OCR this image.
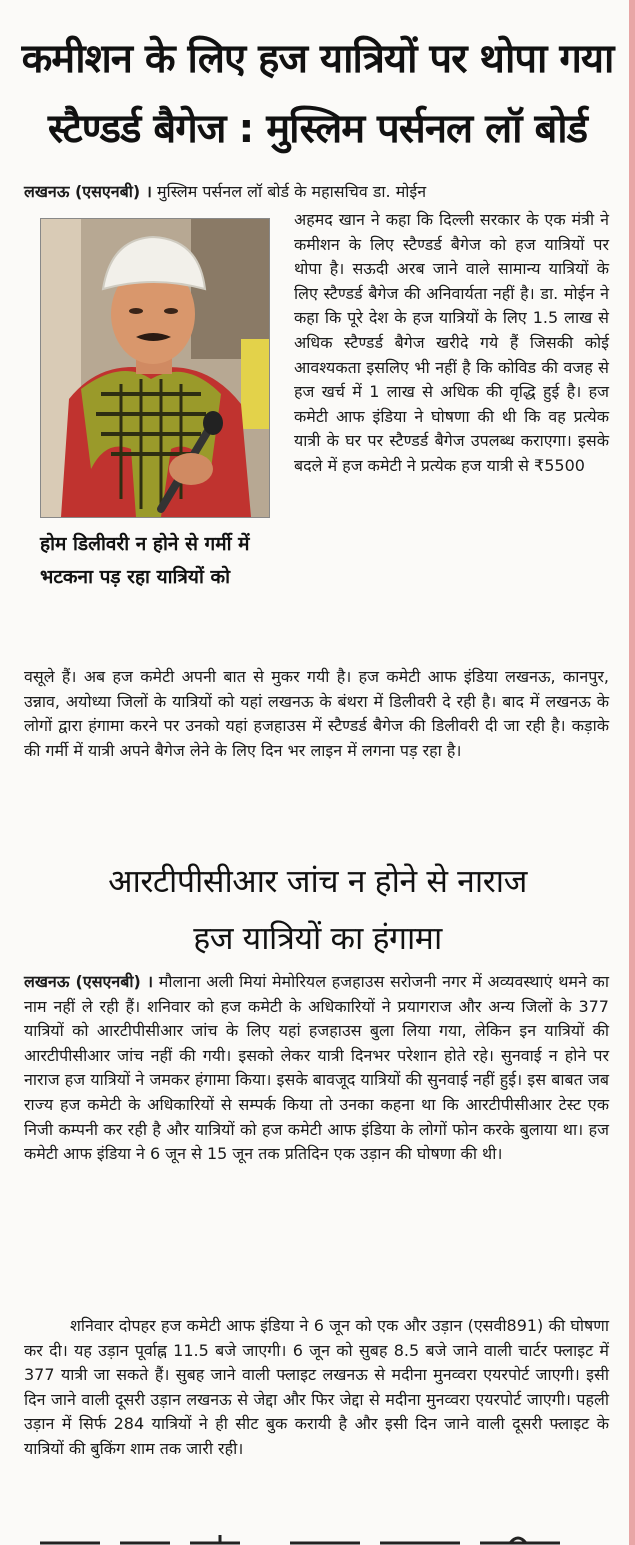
कमीशन के लिए हज यात्रियों पर थोपा गया
स्टैण्डर्ड बैगेज : मुस्लिम पर्सनल लॉ बोर्ड
लखनऊ (एसएनबी) । मुस्लिम पर्सनल लॉ बोर्ड के महासचिव डा. मोईन
होम डिलीवरी न होने से गर्मी में भटकना पड़ रहा यात्रियों को
अहमद खान ने कहा कि दिल्ली सरकार के एक मंत्री ने कमीशन के लिए स्टैण्डर्ड बैगेज को हज यात्रियों पर थोपा है। सऊदी अरब जाने वाले सामान्य यात्रियों के लिए स्टैण्डर्ड बैगेज की अनिवार्यता नहीं है। डा. मोईन ने कहा कि पूरे देश के हज यात्रियों के लिए 1.5 लाख से अधिक स्टैण्डर्ड बैगेज खरीदे गये हैं जिसकी कोई आवश्यकता इसलिए भी नहीं है कि कोविड की वजह से हज खर्च में 1 लाख से अधिक की वृद्धि हुई है। हज कमेटी आफ इंडिया ने घोषणा की थी कि वह प्रत्येक यात्री के घर पर स्टैण्डर्ड बैगेज उपलब्ध कराएगा। इसके बदले में हज कमेटी ने प्रत्येक हज यात्री से ₹5500
वसूले हैं। अब हज कमेटी अपनी बात से मुकर गयी है। हज कमेटी आफ इंडिया लखनऊ, कानपुर, उन्नाव, अयोध्या जिलों के यात्रियों को यहां लखनऊ के बंथरा में डिलीवरी दे रही है। बाद में लखनऊ के लोगों द्वारा हंगामा करने पर उनको यहां हजहाउस में स्टैण्डर्ड बैगेज की डिलीवरी दी जा रही है। कड़ाके की गर्मी में यात्री अपने बैगेज लेने के लिए दिन भर लाइन में लगना पड़ रहा है।
आरटीपीसीआर जांच न होने से नाराज
हज यात्रियों का हंगामा
लखनऊ (एसएनबी) । मौलाना अली मियां मेमोरियल हजहाउस सरोजनी नगर में अव्यवस्थाएं थमने का नाम नहीं ले रही हैं। शनिवार को हज कमेटी के अधिकारियों ने प्रयागराज और अन्य जिलों के 377 यात्रियों को आरटीपीसीआर जांच के लिए यहां हजहाउस बुला लिया गया, लेकिन इन यात्रियों की आरटीपीसीआर जांच नहीं की गयी। इसको लेकर यात्री दिनभर परेशान होते रहे। सुनवाई न होने पर नाराज हज यात्रियों ने जमकर हंगामा किया। इसके बावजूद यात्रियों की सुनवाई नहीं हुई। इस बाबत जब राज्य हज कमेटी के अधिकारियों से सम्पर्क किया तो उनका कहना था कि आरटीपीसीआर टेस्ट एक निजी कम्पनी कर रही है और यात्रियों को हज कमेटी आफ इंडिया के लोगों फोन करके बुलाया था। हज कमेटी आफ इंडिया ने 6 जून से 15 जून तक प्रतिदिन एक उड़ान की घोषणा की थी।
शनिवार दोपहर हज कमेटी आफ इंडिया ने 6 जून को एक और उड़ान (एसवी891) की घोषणा कर दी। यह उड़ान पूर्वाह्न 11.5 बजे जाएगी। 6 जून को सुबह 8.5 बजे जाने वाली चार्टर फ्लाइट में 377 यात्री जा सकते हैं। सुबह जाने वाली फ्लाइट लखनऊ से मदीना मुनव्वरा एयरपोर्ट जाएगी। इसी दिन जाने वाली दूसरी उड़ान लखनऊ से जेद्दा और फिर जेद्दा से मदीना मुनव्वरा एयरपोर्ट जाएगी। पहली उड़ान में सिर्फ 284 यात्रियों ने ही सीट बुक करायी है और इसी दिन जाने वाली दूसरी फ्लाइट के यात्रियों की बुकिंग शाम तक जारी रही।
